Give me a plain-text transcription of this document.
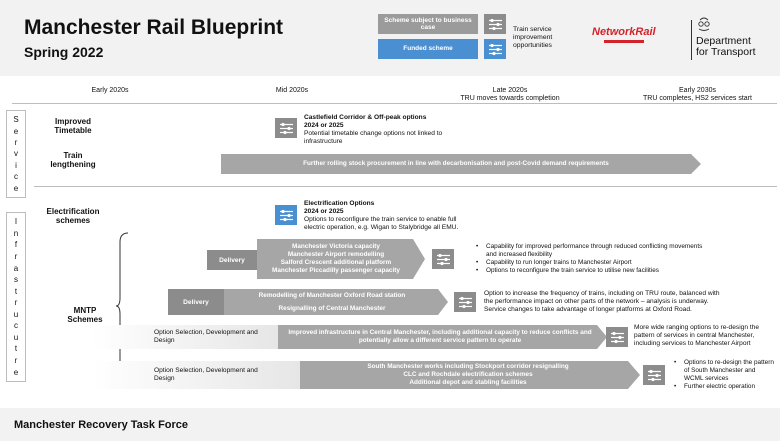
Manchester Rail Blueprint
Spring 2022
Scheme subject to business case
Funded scheme
Train service improvement opportunities
NetworkRail
Department
for Transport
Early 2020s	Mid 2020s	Late 2020s
TRU moves towards completion
Early 2030s
TRU completes, HS2 services start
S
e
r
v
i
c
e
I
n
f
r
a
s
t
r
u
c
u
t
r
e
Improved Timetable
Train lengthening
Electrification schemes
MNTP Schemes
Castlefield Corridor & Off-peak options
2024 or 2025
Potential timetable change options not linked to infrastructure
Further rolling stock procurement in line with decarbonisation and post-Covid demand requirements
Electrification Options
2024 or 2025
Options to reconfigure the train service to enable full electric operation, e.g. Wigan to Stalybridge all EMU.
Delivery
Manchester Victoria capacity
Manchester Airport remodelling
Salford Crescent additional platform
Manchester Piccadilly passenger capacity
• Capability for improved performance through reduced conflicting movements and increased flexibility
• Capability to run longer trains to Manchester Airport
• Options to reconfigure the train service to utilise new facilities
Delivery
Remodelling of Manchester Oxford Road station
Resignalling of Central Manchester
Option to increase the frequency of trains, including on TRU route, balanced with the performance impact on other parts of the network – analysis is underway. Service changes to take advantage of longer platforms at Oxford Road.
Option Selection, Development and Design
Improved infrastructure in Central Manchester, including additional capacity to reduce conflicts and potentially allow a different service pattern to operate
More wide ranging options to re-design the pattern of services in central Manchester, including services to Manchester Airport
Option Selection, Development and Design
South Manchester works including Stockport corridor resignalling
CLC and Rochdale electrification schemes
Additional depot and stabling facilities
• Options to re-design the pattern of South Manchester and WCML services
• Further electric operation
Manchester Recovery Task Force
